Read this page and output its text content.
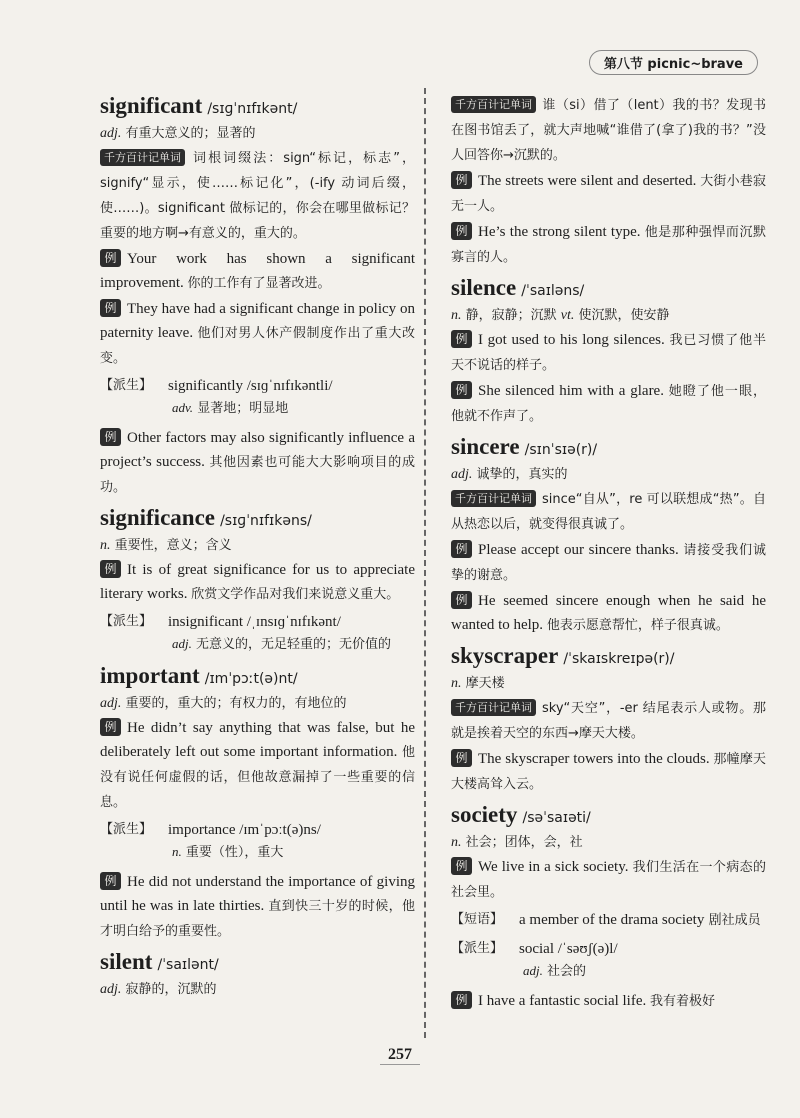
第八节 picnic~brave
significant /sɪɡˈnɪfɪkənt/
adj. 有重大意义的；显著的

千方百计记单词 词根词缀法：sign“标记，标志”，signify“显示，使……标记化”，(-ify 动词后缀，使……)。significant 做标记的，你会在哪里做标记？重要的地方啊→有意义的，重大的。

例 Your work has shown a significant improvement. 你的工作有了显著改进。

例 They have had a significant change in policy on paternity leave. 他们对男人休产假制度作出了重大改变。

【派生】	significantly /sɪɡˈnɪfɪkəntli/
adv. 显著地；明显地

例 Other factors may also significantly influence a project’s success. 其他因素也可能大大影响项目的成功。

significance /sɪɡˈnɪfɪkəns/
n. 重要性，意义；含义

例 It is of great significance for us to appreciate literary works. 欣赏文学作品对我们来说意义重大。

【派生】	insignificant /ˌɪnsɪɡˈnɪfɪkənt/
adj. 无意义的，无足轻重的；无价值的
important /ɪmˈpɔːt(ə)nt/
adj. 重要的，重大的；有权力的，有地位的

例 He didn’t say anything that was false, but he deliberately left out some important information. 他没有说任何虚假的话，但他故意漏掉了一些重要的信息。

【派生】	importance /ɪmˈpɔːt(ə)ns/
n. 重要（性），重大

例 He did not understand the importance of giving until he was in late thirties. 直到快三十岁的时候，他才明白给予的重要性。

silent /ˈsaɪlənt/
adj. 寂静的，沉默的

千方百计记单词 谁（si）借了（lent）我的书？发现书在图书馆丢了，就大声地喊“谁借了(拿了)我的书？”没人回答你→沉默的。

例 The streets were silent and deserted. 大街小巷寂无一人。

例 He’s the strong silent type. 他是那种强悍而沉默寡言的人。

silence /ˈsaɪləns/
n. 静，寂静；沉默 vt. 使沉默，使安静

例 I got used to his long silences. 我已习惯了他半天不说话的样子。

例 She silenced him with a glare. 她瞪了他一眼，他就不作声了。

sincere /sɪnˈsɪə(r)/
adj. 诚挚的，真实的

千方百计记单词 since“自从”，re 可以联想成“热”。自从热恋以后，就变得很真诚了。

例 Please accept our sincere thanks. 请接受我们诚挚的谢意。

例 He seemed sincere enough when he said he wanted to help. 他表示愿意帮忙，样子很真诚。

skyscraper /ˈskaɪskreɪpə(r)/
n. 摩天楼

千方百计记单词 sky“天空”，-er 结尾表示人或物。那就是挨着天空的东西→摩天大楼。

例 The skyscraper towers into the clouds. 那幢摩天大楼高耸入云。

society /səˈsaɪəti/
n. 社会；团体，会，社

例 We live in a sick society. 我们生活在一个病态的社会里。

【短语】	a member of the drama society 剧社成员
【派生】	social /ˈsəʊʃ(ə)l/
adj. 社会的

例 I have a fantastic social life. 我有着极好

257
